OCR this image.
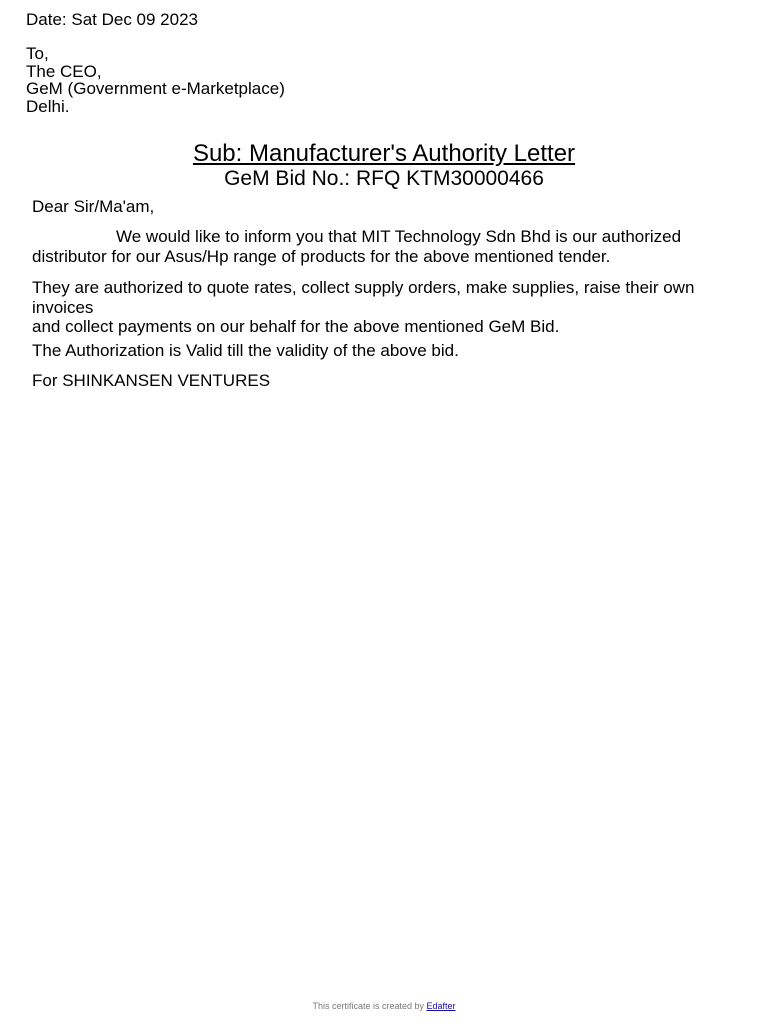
Date: Sat Dec 09 2023
To,
The CEO,
GeM (Government e-Marketplace)
Delhi.
Sub: Manufacturer's Authority Letter
GeM Bid No.: RFQ KTM30000466
Dear Sir/Ma'am,
We would like to inform you that MIT Technology Sdn Bhd is our authorized
distributor for our Asus/Hp range of products for the above mentioned tender.
They are authorized to quote rates, collect supply orders, make supplies, raise their own invoices
and collect payments on our behalf for the above mentioned GeM Bid.
The Authorization is Valid till the validity of the above bid.
For SHINKANSEN VENTURES
This certificate is created by Edafter
